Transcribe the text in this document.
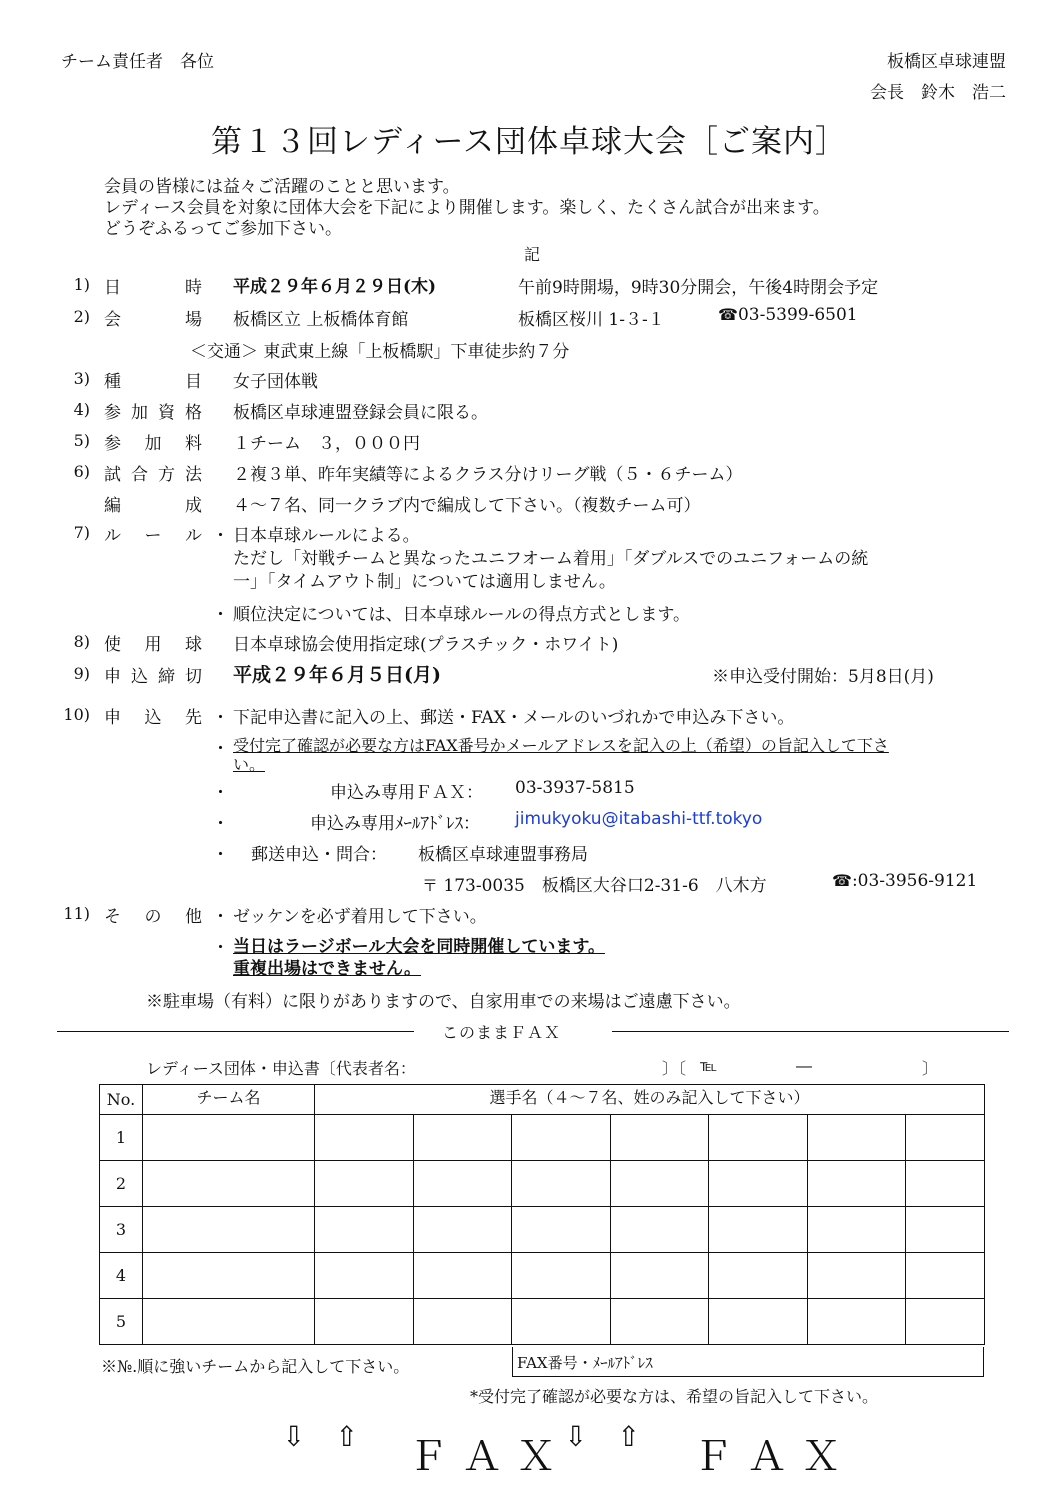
チーム責任者　各位	板橋区卓球連盟
会長　鈴木　浩二
第１３回レディース団体卓球大会［ご案内］
会員の皆様には益々ご活躍のことと思います。
レディース会員を対象に団体大会を下記により開催します。楽しく、たくさん試合が出来ます。
どうぞふるってご参加下さい。
記
1) 日	時 平成２９年６月２９日(木)	午前9時開場，9時30分開会，午後4時閉会予定
2) 会	場 板橋区立 上板橋体育館	板橋区桜川 1-３-１	☎03-5399-6501
＜交通＞ 東武東上線「上板橋駅」下車徒歩約７分
3) 種	目 女子団体戦
4) 参 加 資 格 板橋区卓球連盟登録会員に限る。
5) 参 加 料 １チーム　３，０００円
6) 試 合 方 法 ２複３単、昨年実績等によるクラス分けリーグ戦（５・６チーム）
編	成 ４～７名、同一クラブ内で編成して下さい。（複数チーム可）
7) ル ー ル ・ 日本卓球ルールによる。
ただし「対戦チームと異なったユニフオーム着用」「ダブルスでのユニフォームの統
一」「タイムアウト制」については適用しません。
・ 順位決定については、日本卓球ルールの得点方式とします。
8) 使 用 球 日本卓球協会使用指定球(プラスチック・ホワイト)
9) 申 込 締 切 平成２９年６月５日(月)	※申込受付開始：5月8日(月)
10) 申 込 先 ・ 下記申込書に記入の上、郵送・FAX・メールのいづれかで申込み下さい。
・ 受付完了確認が必要な方はFAX番号かメールアドレスを記入の上（希望）の旨記入して下さ
い。
・	申込み専用ＦＡＸ： 03-3937-5815
・	申込み専用ﾒｰﾙｱﾄﾞﾚｽ： jimukyoku@itabashi-ttf.tokyo
・ 郵送申込・問合： 板橋区卓球連盟事務局
〒 173-0035　板橋区大谷口2-31-6　八木方	☎:03-3956-9121
11) そ の 他 ・ ゼッケンを必ず着用して下さい。
・ 当日はラージボール大会を同時開催しています。
重複出場はできません。
※駐車場（有料）に限りがありますので、自家用車での来場はご遠慮下さい。
このままＦＡＸ
レディース団体・申込書〔代表者名：	〕〔 ℡	―	〕
No.	チーム名	選手名（４～７名、姓のみ記入して下さい）						
1								
2								
3								
4								
5								
※№.順に強いチームから記入して下さい。	FAX番号・ﾒｰﾙｱﾄﾞﾚｽ
*受付完了確認が必要な方は、希望の旨記入して下さい。
⇩ ⇧ ＦＡＸ
⇩ ⇧ ＦＡＸ
